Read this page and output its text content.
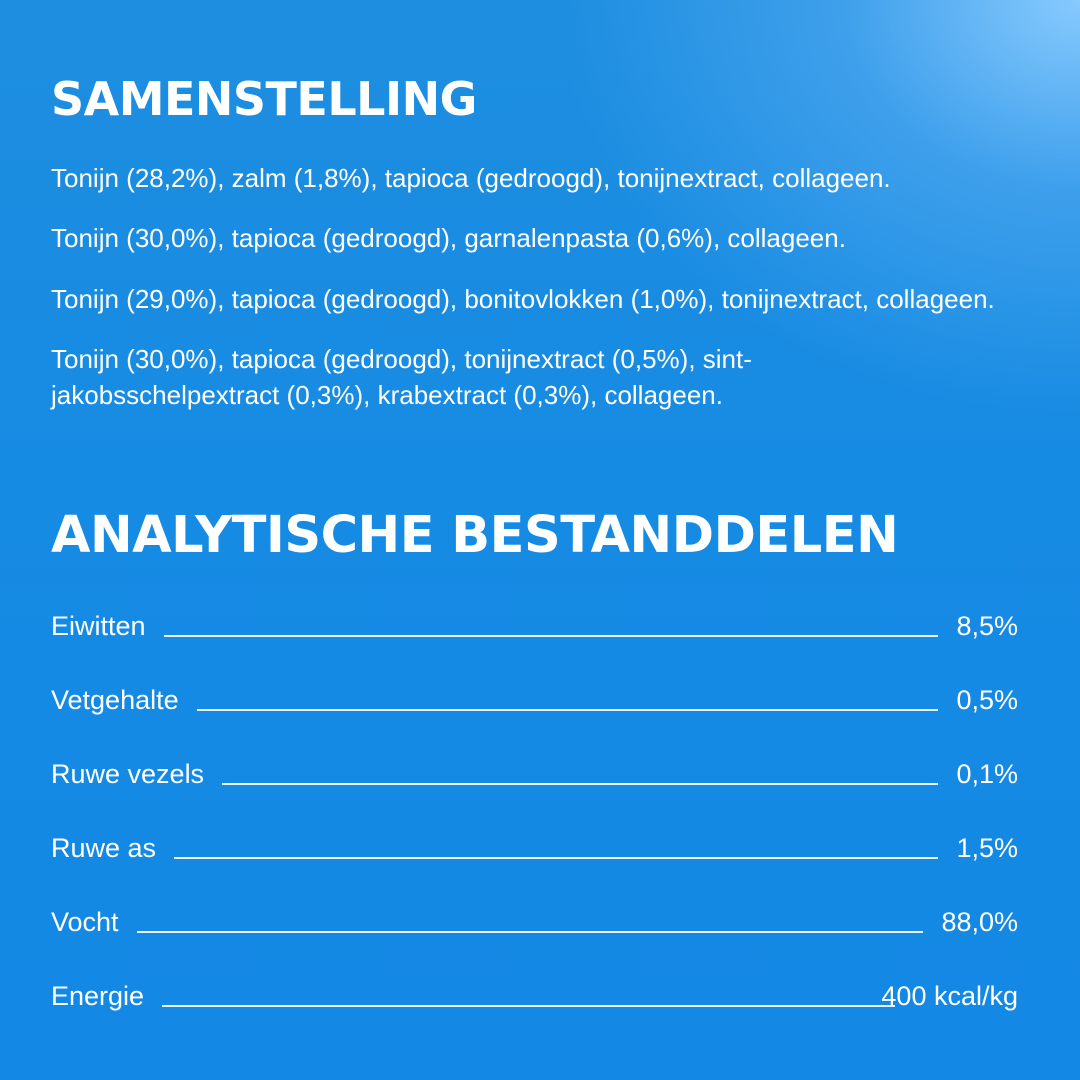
SAMENSTELLING

Tonijn (28,2%), zalm (1,8%), tapioca (gedroogd), tonijnextract, collageen.

Tonijn (30,0%), tapioca (gedroogd), garnalenpasta (0,6%), collageen.

Tonijn (29,0%), tapioca (gedroogd), bonitovlokken (1,0%), tonijnextract, collageen.

Tonijn (30,0%), tapioca (gedroogd), tonijnextract (0,5%), sint-jakobsschelpextract (0,3%), krabextract (0,3%), collageen.

ANALYTISCHE BESTANDDELEN
Eiwitten	8,5%
Vetgehalte	0,5%
Ruwe vezels	0,1%
Ruwe as	1,5%
Vocht	88,0%
Energie	400 kcal/kg
